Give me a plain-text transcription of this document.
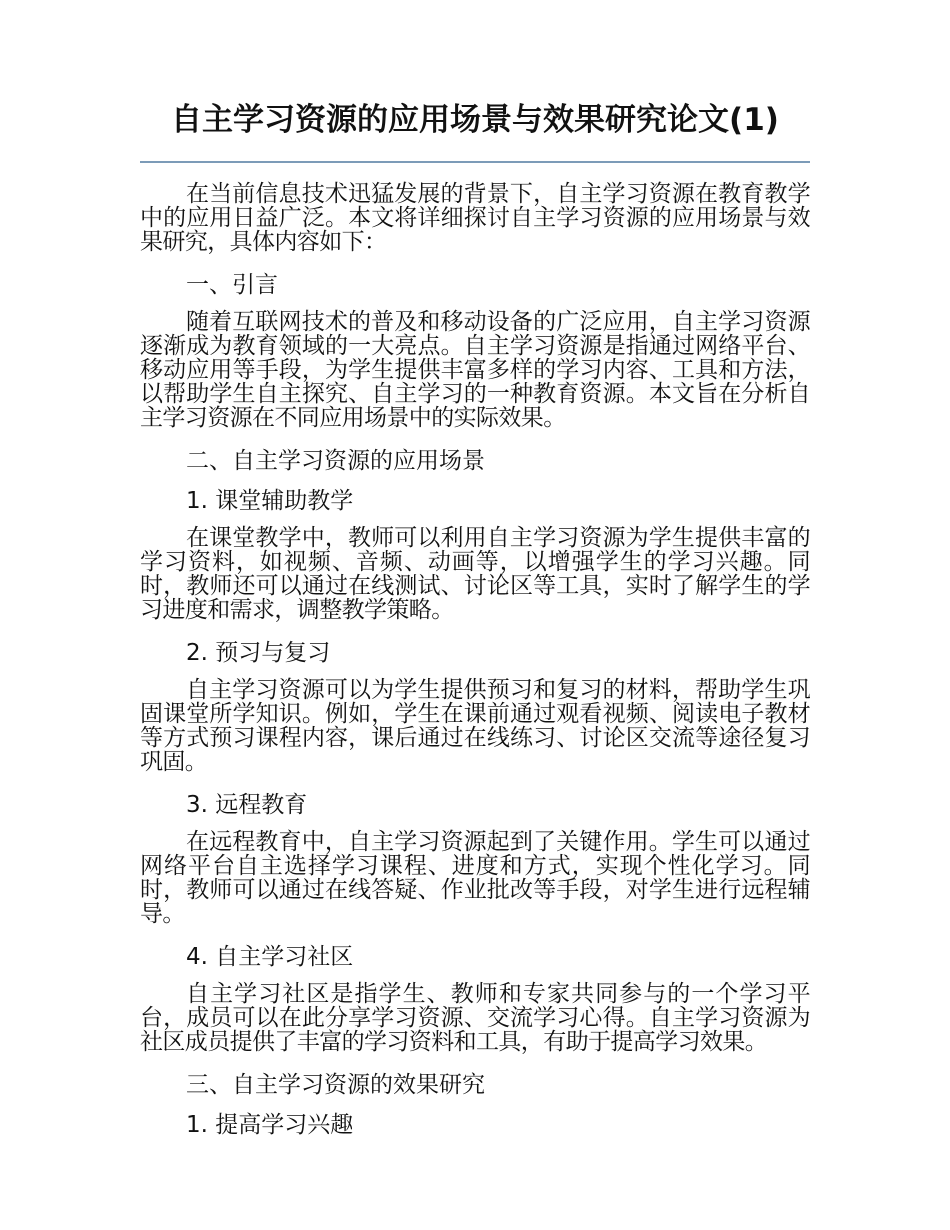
自主学习资源的应用场景与效果研究论文(1)

在当前信息技术迅猛发展的背景下，自主学习资源在教育教学中的应用日益广泛。本文将详细探讨自主学习资源的应用场景与效果研究，具体内容如下：

一、引言

随着互联网技术的普及和移动设备的广泛应用，自主学习资源逐渐成为教育领域的一大亮点。自主学习资源是指通过网络平台、移动应用等手段，为学生提供丰富多样的学习内容、工具和方法，以帮助学生自主探究、自主学习的一种教育资源。本文旨在分析自主学习资源在不同应用场景中的实际效果。

二、自主学习资源的应用场景

1. 课堂辅助教学

在课堂教学中，教师可以利用自主学习资源为学生提供丰富的学习资料，如视频、音频、动画等，以增强学生的学习兴趣。同时，教师还可以通过在线测试、讨论区等工具，实时了解学生的学习进度和需求，调整教学策略。

2. 预习与复习

自主学习资源可以为学生提供预习和复习的材料，帮助学生巩固课堂所学知识。例如，学生在课前通过观看视频、阅读电子教材等方式预习课程内容，课后通过在线练习、讨论区交流等途径复习巩固。

3. 远程教育

在远程教育中，自主学习资源起到了关键作用。学生可以通过网络平台自主选择学习课程、进度和方式，实现个性化学习。同时，教师可以通过在线答疑、作业批改等手段，对学生进行远程辅导。

4. 自主学习社区

自主学习社区是指学生、教师和专家共同参与的一个学习平台，成员可以在此分享学习资源、交流学习心得。自主学习资源为社区成员提供了丰富的学习资料和工具，有助于提高学习效果。

三、自主学习资源的效果研究

1. 提高学习兴趣
